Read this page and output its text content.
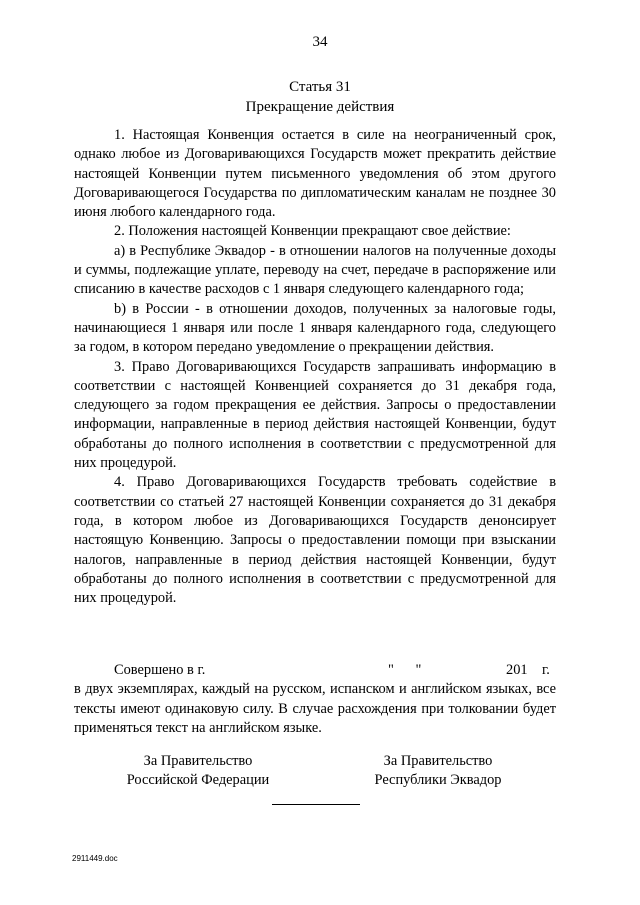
34
Статья 31
Прекращение действия

1. Настоящая Конвенция остается в силе на неограниченный срок, однако любое из Договаривающихся Государств может прекратить действие настоящей Конвенции путем письменного уведомления об этом другого Договаривающегося Государства по дипломатическим каналам не позднее 30 июня любого календарного года.

2. Положения настоящей Конвенции прекращают свое действие:

а) в Республике Эквадор - в отношении налогов на полученные доходы и суммы, подлежащие уплате, переводу на счет, передаче в распоряжение или списанию в качестве расходов с 1 января следующего календарного года;

b) в России - в отношении доходов, полученных за налоговые годы, начинающиеся 1 января или после 1 января календарного года, следующего за годом, в котором передано уведомление о прекращении действия.

3. Право Договаривающихся Государств запрашивать информацию в соответствии с настоящей Конвенцией сохраняется до 31 декабря года, следующего за годом прекращения ее действия. Запросы о предоставлении информации, направленные в период действия настоящей Конвенции, будут обработаны до полного исполнения в соответствии с предусмотренной для них процедурой.

4. Право Договаривающихся Государств требовать содействие в соответствии со статьей 27 настоящей Конвенции сохраняется до 31 декабря года, в котором любое из Договаривающихся Государств денонсирует настоящую Конвенцию. Запросы о предоставлении помощи при взыскании налогов, направленные в период действия настоящей Конвенции, будут обработаны до полного исполнения в соответствии с предусмотренной для них процедурой.

Совершено в г.	"      "	201    г.

в двух экземплярах, каждый на русском, испанском и английском языках, все тексты имеют одинаковую силу. В случае расхождения при толковании будет применяться текст на английском языке.

За Правительство
Российской Федерации
За Правительство
Республики Эквадор
2911449.doc
